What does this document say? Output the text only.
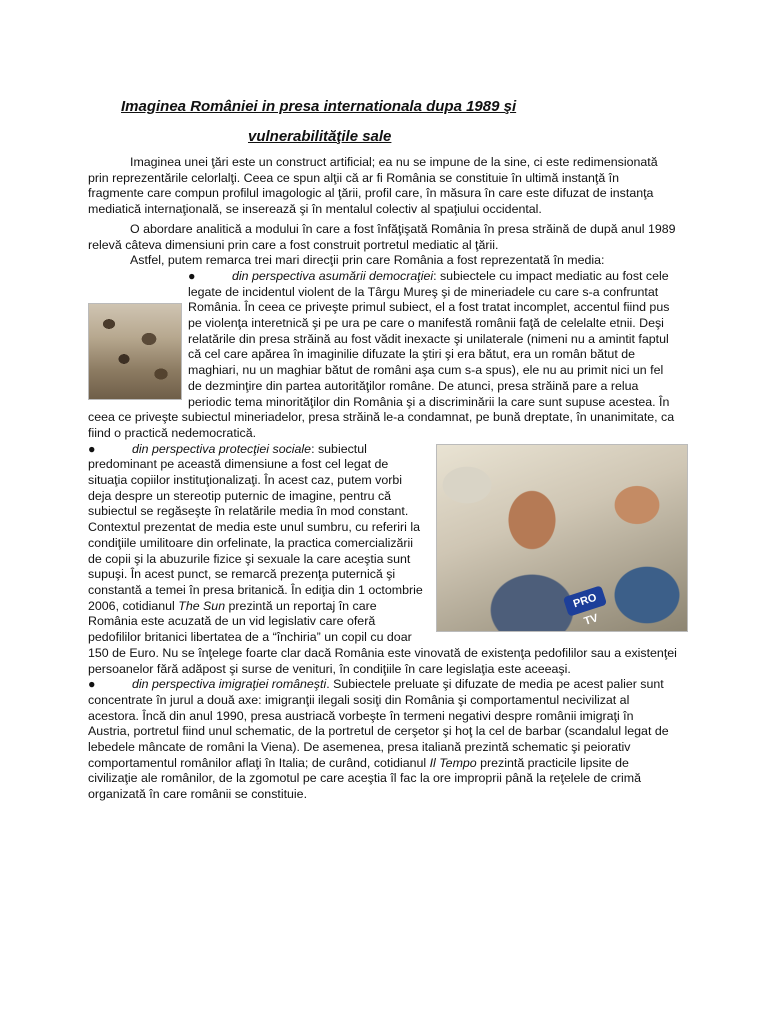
Imaginea României in presa internationala dupa 1989 şi
vulnerabilităţile sale

Imaginea unei ţări este un construct artificial; ea nu se impune de la sine, ci este redimensionată prin reprezentările celorlalţi. Ceea ce spun alţii că ar fi România se constituie în ultimă instanţă în fragmente care compun profilul imagologic al ţării, profil care, în măsura în care este difuzat de instanţa mediatică internaţională, se inserează şi în mentalul colectiv al spaţiului occidental.

O abordare analitică a modului în care a fost înfăţişată România în presa străină de după anul 1989 relevă câteva dimensiuni prin care a fost construit portretul mediatic al ţării.

Astfel, putem remarca trei mari direcţii prin care România a fost reprezentată în media:

●	din perspectiva asumării democraţiei: subiectele cu impact mediatic au fost cele legate de incidentul violent de la Târgu Mureş şi de mineriadele cu care s-a confruntat România. În ceea ce priveşte primul subiect, el a fost tratat incomplet, accentul fiind pus pe violenţa interetnică şi pe ura pe care o manifestă românii faţă de celelalte etnii. Deşi relatările din presa străină au fost vădit inexacte şi unilaterale (nimeni nu a amintit faptul că cel care apărea în imaginilie difuzate la ştiri şi era bătut, era un român bătut de maghiari, nu un maghiar bătut de români aşa cum s-a spus), ele nu au primit nici un fel de dezminţire din partea autorităţilor române. De atunci, presa străină pare a relua periodic tema minorităţilor din România şi a discriminării la care sunt supuse acestea. În ceea ce priveşte subiectul mineriadelor, presa străină le-a condamnat, pe bună dreptate, în unanimitate, ca fiind o practică nedemocratică.

PRO TV
●	din perspectiva protecţiei sociale: subiectul predominant pe această dimensiune a fost cel legat de situaţia copiilor instituţionalizaţi. În acest caz, putem vorbi deja despre un stereotip puternic de imagine, pentru că subiectul se regăseşte în relatările media în mod constant. Contextul prezentat de media este unul sumbru, cu referiri la condiţiile umilitoare din orfelinate, la practica comercializării de copii şi la abuzurile fizice şi sexuale la care aceştia sunt supuşi. În acest punct, se remarcă prezenţa puternică şi constantă a temei în presa britanică. În ediţia din 1 octombrie 2006, cotidianul The Sun prezintă un reportaj în care România este acuzată de un vid legislativ care oferă pedofililor britanici libertatea de a “închiria” un copil cu doar 150 de Euro. Nu se înţelege foarte clar dacă România este vinovată de existenţa pedofililor sau a existenţei persoanelor fără adăpost şi surse de venituri, în condiţiile în care legislaţia este aceeaşi.

●	din perspectiva imigraţiei româneşti. Subiectele preluate şi difuzate de media pe acest palier sunt concentrate în jurul a două axe: imigranţii ilegali sosiţi din România şi comportamentul necivilizat al acestora. Încă din anul 1990, presa austriacă vorbeşte în termeni negativi despre românii imigraţi în Austria, portretul fiind unul schematic, de la portretul de cerşetor şi hoţ la cel de barbar (scandalul legat de lebedele mâncate de români la Viena). De asemenea, presa italiană prezintă schematic şi peiorativ comportamentul românilor aflaţi în Italia; de curând, cotidianul Il Tempo prezintă practicile lipsite de civilizaţie ale românilor, de la zgomotul pe care aceştia îl fac la ore improprii până la reţelele de crimă organizată în care românii se constituie.
